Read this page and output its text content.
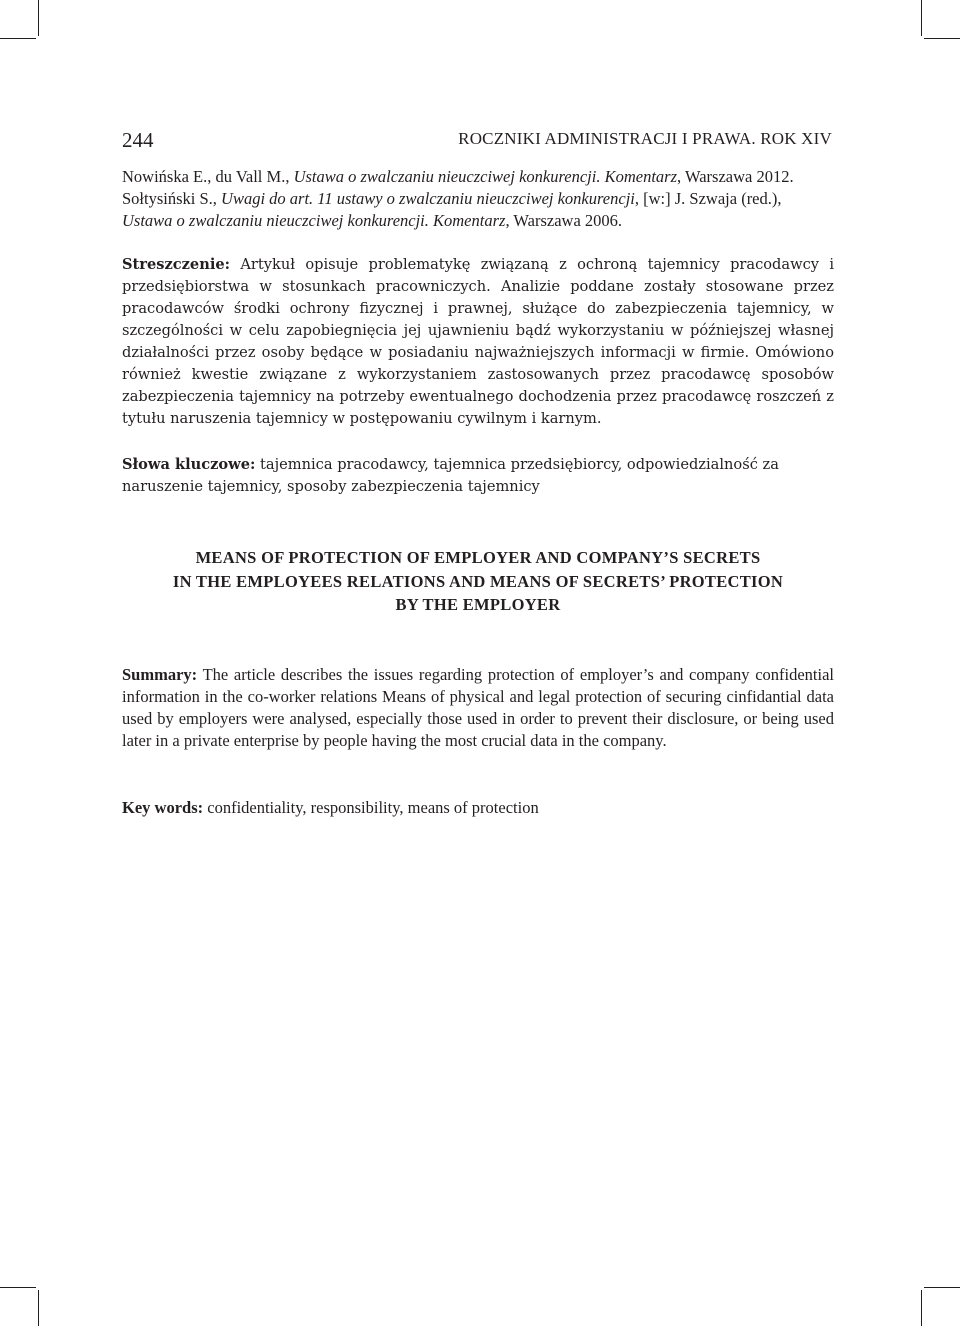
244	ROCZNIKI ADMINISTRACJI I PRAWA. ROK XIV

Nowińska E., du Vall M., Ustawa o zwalczaniu nieuczciwej konkurencji. Komentarz, Warszawa 2012.

Sołtysiński S., Uwagi do art. 11 ustawy o zwalczaniu nieuczciwej konkurencji, [w:] J. Szwaja (red.), Ustawa o zwalczaniu nieuczciwej konkurencji. Komentarz, Warszawa 2006.

Streszczenie: Artykuł opisuje problematykę związaną z ochroną tajemnicy pracodawcy i przedsiębiorstwa w stosunkach pracowniczych. Analizie poddane zostały stosowane przez pracodawców środki ochrony fizycznej i prawnej, służące do zabezpieczenia tajemnicy, w szczególności w celu zapobiegnięcia jej ujawnieniu bądź wykorzystaniu w późniejszej własnej działalności przez osoby będące w posiadaniu najważniejszych informacji w firmie. Omówiono również kwestie związane z wykorzystaniem zastosowanych przez pracodawcę sposobów zabezpieczenia tajemnicy na potrzeby ewentualnego dochodzenia przez pracodawcę roszczeń z tytułu naruszenia tajemnicy w postępowaniu cywilnym i karnym.
Słowa kluczowe: tajemnica pracodawcy, tajemnica przedsiębiorcy, odpowiedzialność za naruszenie tajemnicy, sposoby zabezpieczenia tajemnicy
MEANS OF PROTECTION OF EMPLOYER AND COMPANY’S SECRETS
IN THE EMPLOYEES RELATIONS AND MEANS OF SECRETS’ PROTECTION
BY THE EMPLOYER
Summary: The article describes the issues regarding protection of employer’s and company confidential information in the co-worker relations Means of physical and legal protection of securing cinfidantial data used by employers were analysed, especially those used in order to prevent their disclosure, or being used later in a private enterprise by people having the most crucial data in the company.
Key words: confidentiality, responsibility, means of protection
